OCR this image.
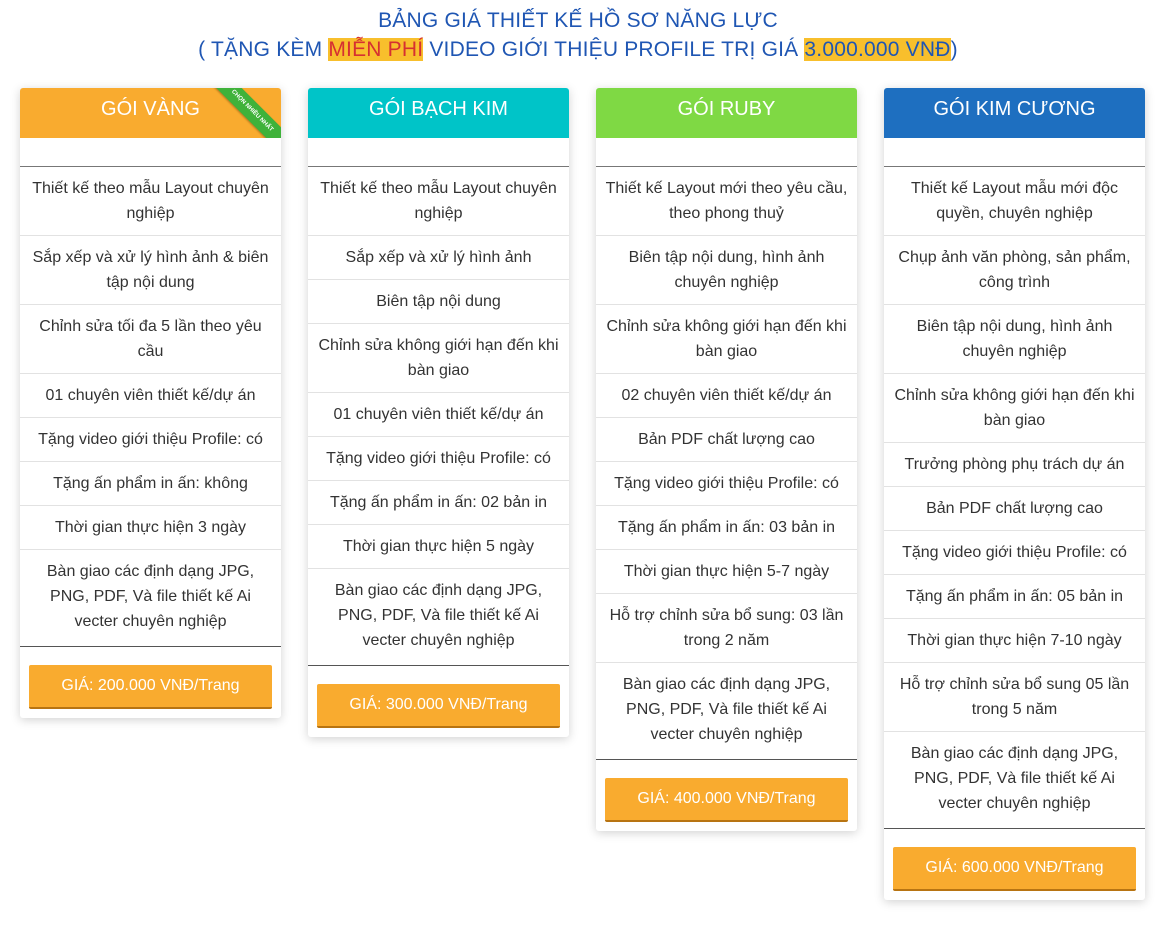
BẢNG GIÁ THIẾT KẾ HỒ SƠ NĂNG LỰC
( TẶNG KÈM MIỄN PHÍ VIDEO GIỚI THIỆU PROFILE TRỊ GIÁ 3.000.000 VNĐ)
GÓI VÀNG	CHỌN NHIỀU NHẤT
Thiết kế theo mẫu Layout chuyên nghiệp
Sắp xếp và xử lý hình ảnh & biên tập nội dung
Chỉnh sửa tối đa 5 lần theo yêu cầu
01 chuyên viên thiết kế/dự án
Tặng video giới thiệu Profile: có
Tặng ấn phẩm in ấn: không
Thời gian thực hiện 3 ngày
Bàn giao các định dạng JPG, PNG, PDF, Và file thiết kế Ai vecter chuyên nghiệp
GIÁ: 200.000 VNĐ/Trang
GÓI BẠCH KIM
Thiết kế theo mẫu Layout chuyên nghiệp
Sắp xếp và xử lý hình ảnh
Biên tập nội dung
Chỉnh sửa không giới hạn đến khi bàn giao
01 chuyên viên thiết kế/dự án
Tặng video giới thiệu Profile: có
Tặng ấn phẩm in ấn: 02 bản in
Thời gian thực hiện 5 ngày
Bàn giao các định dạng JPG, PNG, PDF, Và file thiết kế Ai vecter chuyên nghiệp
GIÁ: 300.000 VNĐ/Trang
GÓI RUBY
Thiết kế Layout mới theo yêu cầu, theo phong thuỷ
Biên tập nội dung, hình ảnh chuyên nghiệp
Chỉnh sửa không giới hạn đến khi bàn giao
02 chuyên viên thiết kế/dự án
Bản PDF chất lượng cao
Tặng video giới thiệu Profile: có
Tặng ấn phẩm in ấn: 03 bản in
Thời gian thực hiện 5-7 ngày
Hỗ trợ chỉnh sửa bổ sung: 03 lần trong 2 năm
Bàn giao các định dạng JPG, PNG, PDF, Và file thiết kế Ai vecter chuyên nghiệp
GIÁ: 400.000 VNĐ/Trang
GÓI KIM CƯƠNG
Thiết kế Layout mẫu mới độc quyền, chuyên nghiệp
Chụp ảnh văn phòng, sản phẩm, công trình
Biên tập nội dung, hình ảnh chuyên nghiệp
Chỉnh sửa không giới hạn đến khi bàn giao
Trưởng phòng phụ trách dự án
Bản PDF chất lượng cao
Tặng video giới thiệu Profile: có
Tặng ấn phẩm in ấn: 05 bản in
Thời gian thực hiện 7-10 ngày
Hỗ trợ chỉnh sửa bổ sung 05 lần trong 5 năm
Bàn giao các định dạng JPG, PNG, PDF, Và file thiết kế Ai vecter chuyên nghiệp
GIÁ: 600.000 VNĐ/Trang
